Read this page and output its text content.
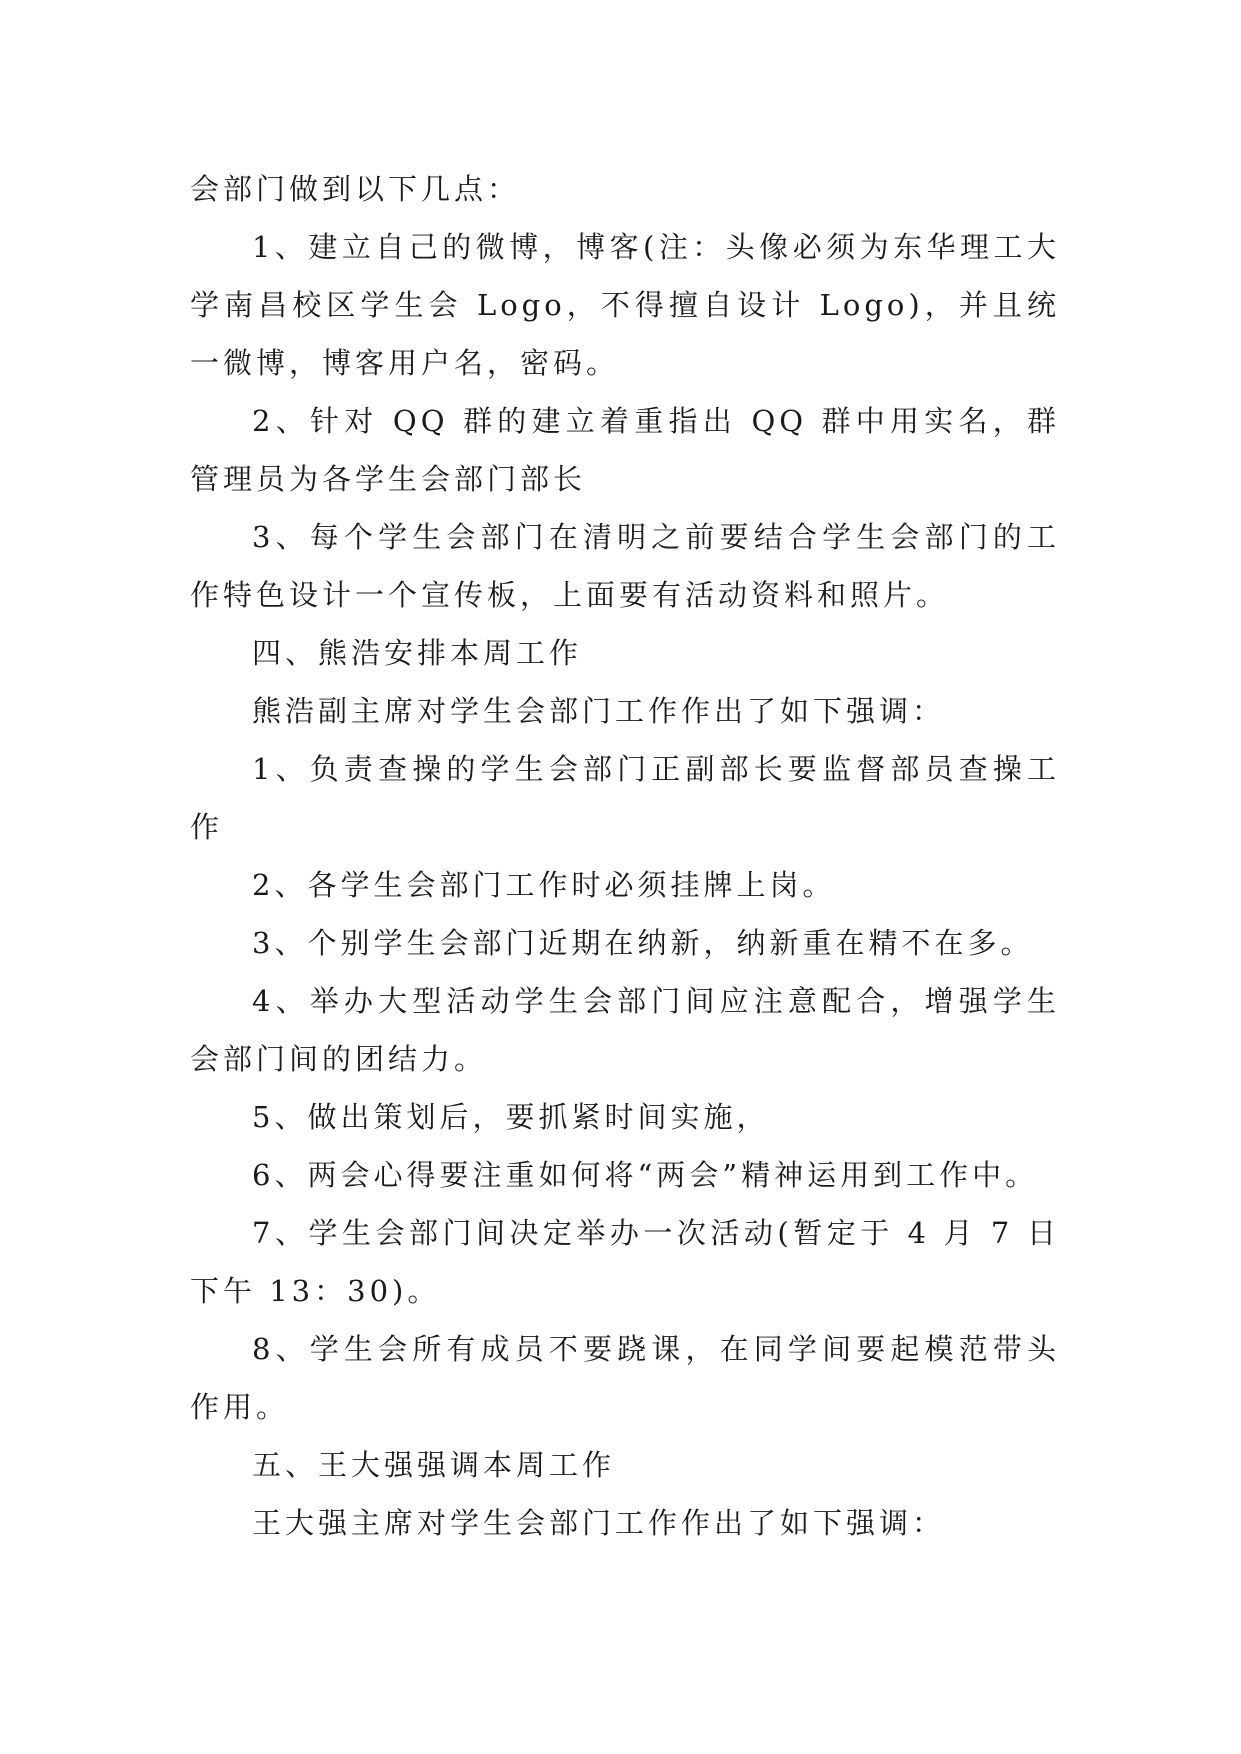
会部门做到以下几点：

1、建立自己的微博，博客(注：头像必须为东华理工大学南昌校区学生会 Logo，不得擅自设计 Logo)，并且统一微博，博客用户名，密码。

2、针对 QQ 群的建立着重指出 QQ 群中用实名，群管理员为各学生会部门部长

3、每个学生会部门在清明之前要结合学生会部门的工作特色设计一个宣传板，上面要有活动资料和照片。

四、熊浩安排本周工作

熊浩副主席对学生会部门工作作出了如下强调：

1、负责查操的学生会部门正副部长要监督部员查操工作

2、各学生会部门工作时必须挂牌上岗。

3、个别学生会部门近期在纳新，纳新重在精不在多。

4、举办大型活动学生会部门间应注意配合，增强学生会部门间的团结力。

5、做出策划后，要抓紧时间实施，

6、两会心得要注重如何将“两会”精神运用到工作中。

7、学生会部门间决定举办一次活动(暂定于 4 月 7 日下午 13：30)。

8、学生会所有成员不要跷课，在同学间要起模范带头作用。

五、王大强强调本周工作

王大强主席对学生会部门工作作出了如下强调：
